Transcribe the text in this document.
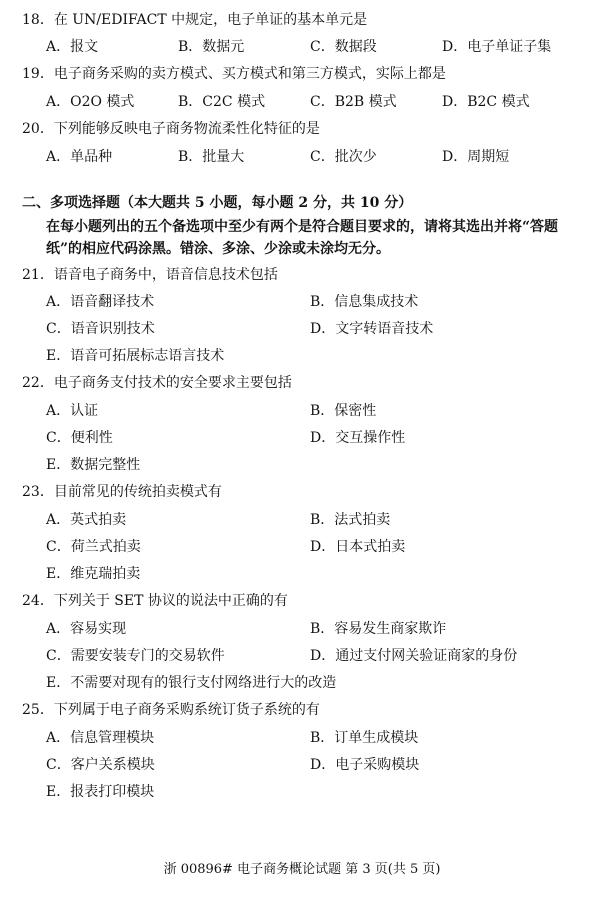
18．在 UN/EDIFACT 中规定，电子单证的基本单元是
A．报文	B．数据元	C．数据段	D．电子单证子集
19．电子商务采购的卖方模式、买方模式和第三方模式，实际上都是
A．O2O 模式	B．C2C 模式	C．B2B 模式	D．B2C 模式
20．下列能够反映电子商务物流柔性化特征的是
A．单品种	B．批量大	C．批次少	D．周期短
二、多项选择题（本大题共 5 小题，每小题 2 分，共 10 分）
在每小题列出的五个备选项中至少有两个是符合题目要求的，请将其选出并将“答题纸”的相应代码涂黑。错涂、多涂、少涂或未涂均无分。
21．语音电子商务中，语音信息技术包括
A．语音翻译技术	B．信息集成技术
C．语音识别技术	D．文字转语音技术
E．语音可拓展标志语言技术
22．电子商务支付技术的安全要求主要包括
A．认证	B．保密性
C．便利性	D．交互操作性
E．数据完整性
23．目前常见的传统拍卖模式有
A．英式拍卖	B．法式拍卖
C．荷兰式拍卖	D．日本式拍卖
E．维克瑞拍卖
24．下列关于 SET 协议的说法中正确的有
A．容易实现	B．容易发生商家欺诈
C．需要安装专门的交易软件	D．通过支付网关验证商家的身份
E．不需要对现有的银行支付网络进行大的改造
25．下列属于电子商务采购系统订货子系统的有
A．信息管理模块	B．订单生成模块
C．客户关系模块	D．电子采购模块
E．报表打印模块
浙 00896# 电子商务概论试题 第 3 页(共 5 页)
